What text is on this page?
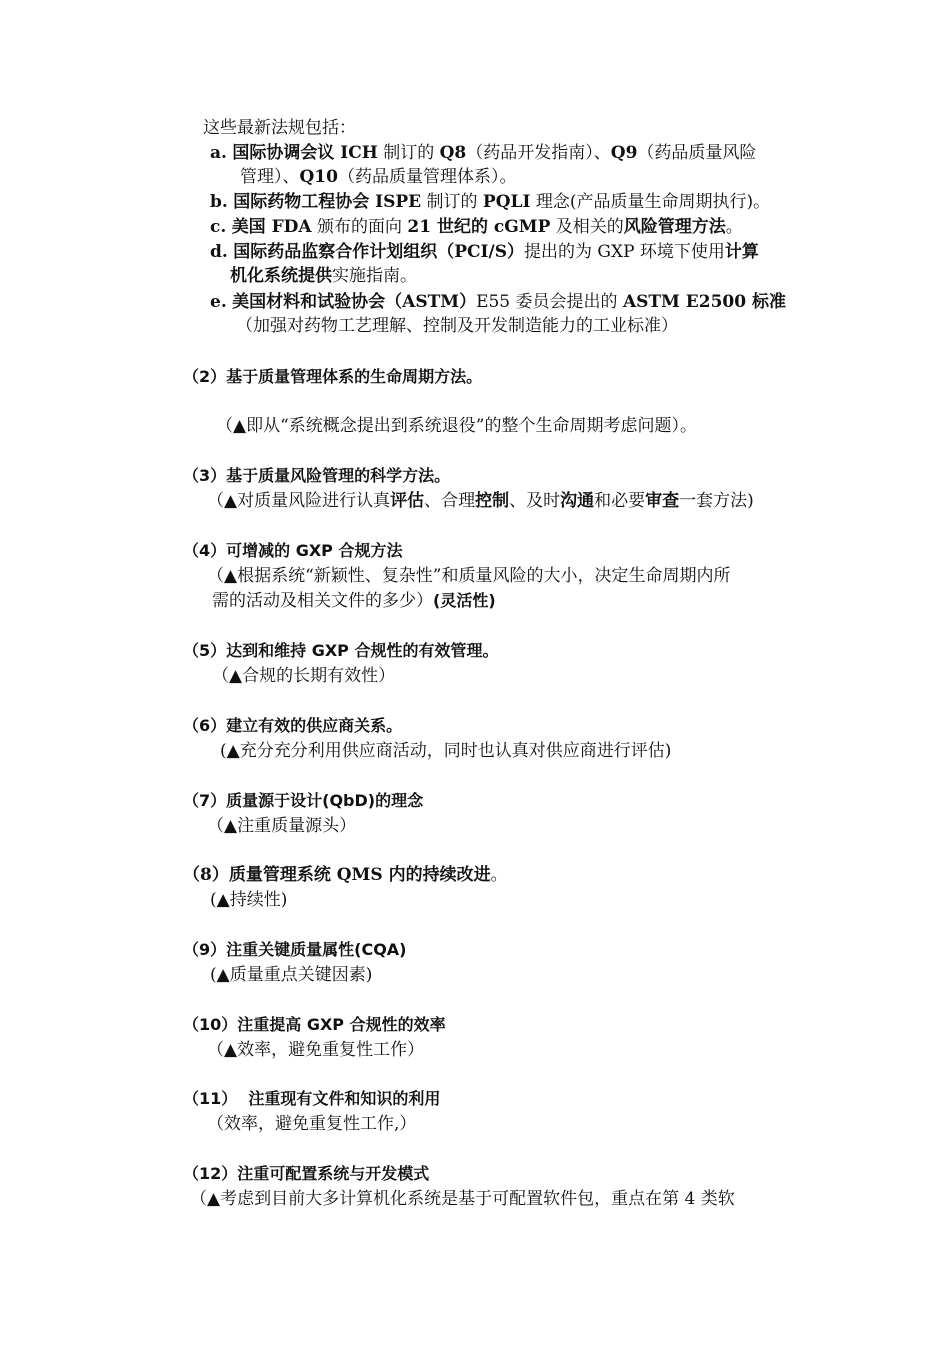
这些最新法规包括：
a. 国际协调会议 ICH 制订的 Q8（药品开发指南）、Q9（药品质量风险
管理）、Q10（药品质量管理体系）。
b. 国际药物工程协会 ISPE 制订的 PQLI 理念(产品质量生命周期执行)。
c. 美国 FDA 颁布的面向 21 世纪的 cGMP 及相关的风险管理方法。
d. 国际药品监察合作计划组织（PCI/S）提出的为 GXP 环境下使用计算
机化系统提供实施指南。
e. 美国材料和试验协会（ASTM）E55 委员会提出的 ASTM E2500 标准
（加强对药物工艺理解、控制及开发制造能力的工业标准）
（2）基于质量管理体系的生命周期方法。
（▲即从“系统概念提出到系统退役”的整个生命周期考虑问题）。
（3）基于质量风险管理的科学方法。
（▲对质量风险进行认真评估、合理控制、及时沟通和必要审查一套方法)
（4）可增减的 GXP 合规方法
（▲根据系统“新颖性、复杂性”和质量风险的大小，决定生命周期内所
需的活动及相关文件的多少）(灵活性)
（5）达到和维持 GXP 合规性的有效管理。
（▲合规的长期有效性）
（6）建立有效的供应商关系。
(▲充分充分利用供应商活动，同时也认真对供应商进行评估)
（7）质量源于设计(QbD)的理念
（▲注重质量源头）
（8）质量管理系统 QMS 内的持续改进。
(▲持续性)
（9）注重关键质量属性(CQA)
(▲质量重点关键因素)
（10）注重提高 GXP 合规性的效率
（▲效率，避免重复性工作）
（11）  注重现有文件和知识的利用
（效率，避免重复性工作,）
（12）注重可配置系统与开发模式
（▲考虑到目前大多计算机化系统是基于可配置软件包，重点在第 4 类软
